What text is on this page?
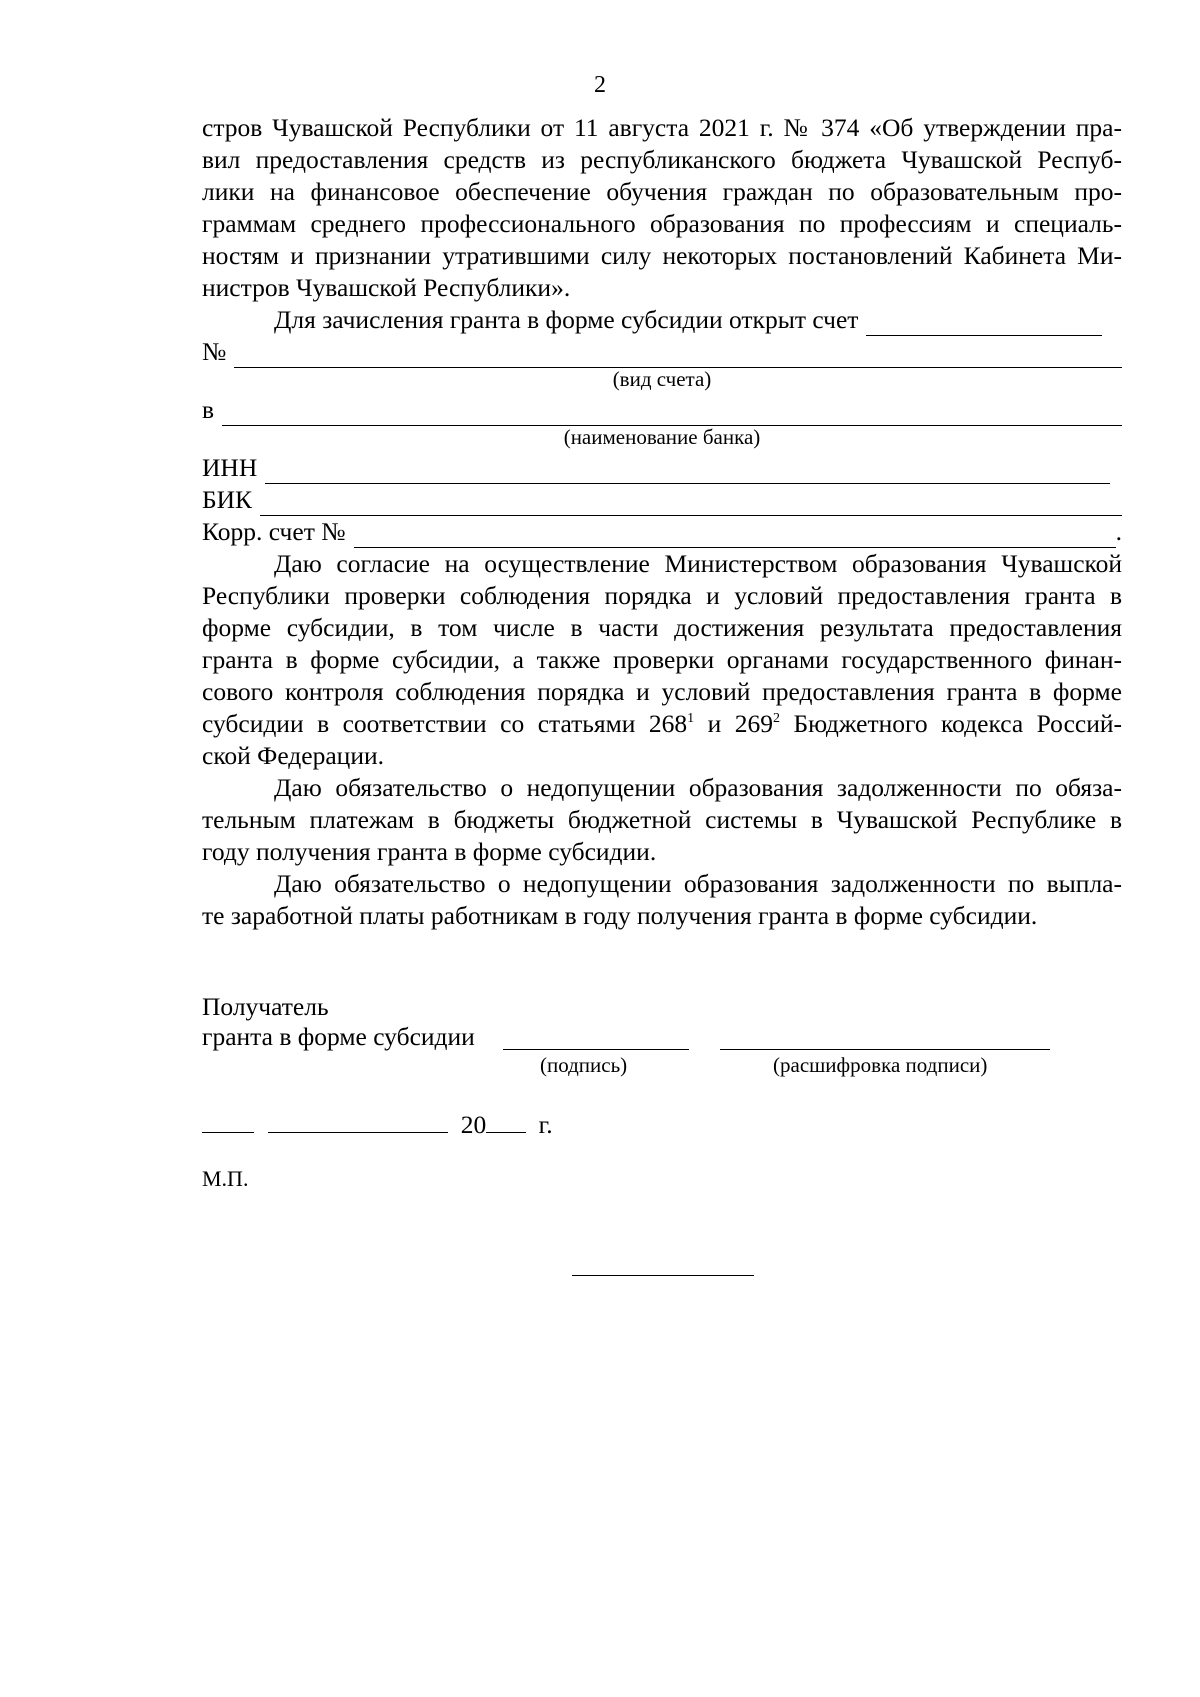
2
стров Чувашской Республики от 11 августа 2021 г. № 374 «Об утверждении пра-
вил предоставления средств из республиканского бюджета Чувашской Респуб-
лики на финансовое обеспечение обучения граждан по образовательным про-
граммам среднего профессионального образования по профессиям и специаль-
ностям и признании утратившими силу некоторых постановлений Кабинета Ми-
нистров Чувашской Республики».
Для зачисления гранта в форме субсидии открыт счет
№
(вид счета)
в
(наименование банка)
ИНН
БИК
Корр. счет №	.
Даю согласие на осуществление Министерством образования Чувашской
Республики проверки соблюдения порядка и условий предоставления гранта в
форме субсидии, в том числе в части достижения результата предоставления
гранта в форме субсидии, а также проверки органами государственного финан-
сового контроля соблюдения порядка и условий предоставления гранта в форме
субсидии в соответствии со статьями $268^1$ и $269^2$ Бюджетного кодекса Россий-
ской Федерации.
Даю обязательство о недопущении образования задолженности по обяза-
тельным платежам в бюджеты бюджетной системы в Чувашской Республике в
году получения гранта в форме субсидии.
Даю обязательство о недопущении образования задолженности по выпла-
те заработной платы работникам в году получения гранта в форме субсидии.
Получатель
гранта в форме субсидии
(подпись)	(расшифровка подписи)
20 г.
М.П.
